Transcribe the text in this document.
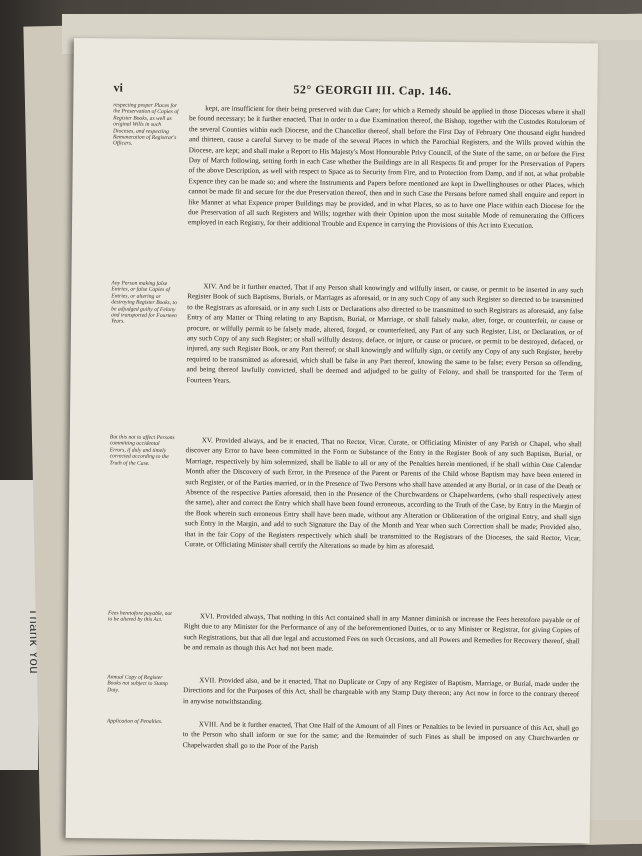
Thank You
vi	52° GEORGII III. Cap. 146.
respecting proper Places for the Preservation of Copies of Register Books, as well as original Wills in such Dioceses, and respecting Remuneration of Registrar's Officers.

kept, are insufficient for their being preserved with due Care; for which a Remedy should be applied in those Dioceses where it shall be found necessary; be it further enacted, That in order to a due Examination thereof, the Bishop, together with the Custodes Rotulorum of the several Counties within each Diocese, and the Chancellor thereof, shall before the First Day of February One thousand eight hundred and thirteen, cause a careful Survey to be made of the several Places in which the Parochial Registers, and the Wills proved within the Diocese, are kept; and shall make a Report to His Majesty's Most Honourable Privy Council, of the State of the same, on or before the First Day of March following, setting forth in each Case whether the Buildings are in all Respects fit and proper for the Preservation of Papers of the above Description, as well with respect to Space as to Security from Fire, and to Protection from Damp, and if not, at what probable Expence they can be made so; and where the Instruments and Papers before mentioned are kept in Dwellinghouses or other Places, which cannot be made fit and secure for the due Preservation thereof, then and in such Case the Persons before named shall enquire and report in like Manner at what Expence proper Buildings may be provided, and in what Places, so as to have one Place within each Diocese for the due Preservation of all such Registers and Wills; together with their Opinion upon the most suitable Mode of remunerating the Officers employed in each Registry, for their additional Trouble and Expence in carrying the Provisions of this Act into Execution.

Any Person making false Entries, or false Copies of Entries, or altering or destroying Register Books, to be adjudged guilty of Felony and transported for Fourteen Years.

XIV. And be it further enacted, That if any Person shall knowingly and wilfully insert, or cause, or permit to be inserted in any such Register Book of such Baptisms, Burials, or Marriages as aforesaid, or in any such Copy of any such Register so directed to be transmitted to the Registrars as aforesaid, or in any such Lists or Declarations also directed to be transmitted to such Registrars as aforesaid, any false Entry of any Matter or Thing relating to any Baptism, Burial, or Marriage, or shall falsely make, alter, forge, or counterfeit, or cause or procure, or wilfully permit to be falsely made, altered, forged, or counterfeited, any Part of any such Register, List, or Declaration, or of any such Copy of any such Register; or shall wilfully destroy, deface, or injure, or cause or procure, or permit to be destroyed, defaced, or injured, any such Register Book, or any Part thereof; or shall knowingly and wilfully sign, or certify any Copy of any such Register, hereby required to be transmitted as aforesaid, which shall be false in any Part thereof, knowing the same to be false; every Person so offending, and being thereof lawfully convicted, shall be deemed and adjudged to be guilty of Felony, and shall be transported for the Term of Fourteen Years.

But this not to affect Persons committing accidental Errors, if duly and timely corrected according to the Truth of the Case.

XV. Provided always, and be it enacted, That no Rector, Vicar, Curate, or Officiating Minister of any Parish or Chapel, who shall discover any Error to have been committed in the Form or Substance of the Entry in the Register Book of any such Baptism, Burial, or Marriage, respectively by him solemnized, shall be liable to all or any of the Penalties herein mentioned, if he shall within One Calendar Month after the Discovery of such Error, in the Presence of the Parent or Parents of the Child whose Baptism may have been entered in such Register, or of the Parties married, or in the Presence of Two Persons who shall have attended at any Burial, or in case of the Death or Absence of the respective Parties aforesaid, then in the Presence of the Churchwardens or Chapelwardens, (who shall respectively attest the same), alter and correct the Entry which shall have been found erroneous, according to the Truth of the Case, by Entry in the Margin of the Book wherein such erroneous Entry shall have been made, without any Alteration or Obliteration of the original Entry, and shall sign such Entry in the Margin, and add to such Signature the Day of the Month and Year when such Correction shall be made; Provided also, that in the fair Copy of the Registers respectively which shall be transmitted to the Registrars of the Dioceses, the said Rector, Vicar, Curate, or Officiating Minister shall certify the Alterations so made by him as aforesaid.

Fees heretofore payable, not to be altered by this Act.	XVI. Provided always, That nothing in this Act contained shall in any Manner diminish or increase the Fees heretofore payable or of Right due to any Minister for the Performance of any of the beforementioned Duties, or to any Minister or Registrar, for giving Copies of such Registrations, but that all due legal and accustomed Fees on such Occasions, and all Powers and Remedies for Recovery thereof, shall be and remain as though this Act had not been made.

Annual Copy of Register Books not subject to Stamp Duty.

XVII. Provided also, and be it enacted, That no Duplicate or Copy of any Register of Baptism, Marriage, or Burial, made under the Directions and for the Purposes of this Act, shall be chargeable with any Stamp Duty thereon; any Act now in force to the contrary thereof in anywise notwithstanding.

Application of Penalties.	XVIII. And be it further enacted, That One Half of the Amount of all Fines or Penalties to be levied in pursuance of this Act, shall go to the Person who shall inform or sue for the same; and the Remainder of such Fines as shall be imposed on any Churchwarden or Chapelwarden shall go to the Poor of the Parish
